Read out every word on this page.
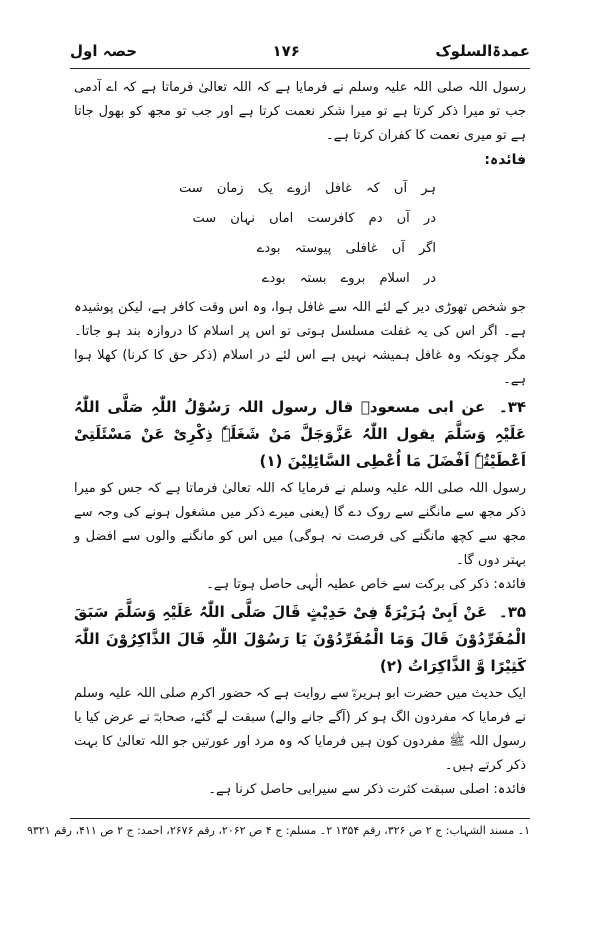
عمدۃالسلوک
۱۷۶
حصہ اول

رسول اللہ صلی اللہ علیہ وسلم نے فرمایا ہے کہ اللہ تعالیٰ فرماتا ہے کہ اے آدمی جب تو میرا ذکر کرتا ہے تو میرا شکر نعمت کرتا ہے اور جب تو مجھ کو بھول جاتا ہے تو میری نعمت کا کفران کرتا ہے۔

فائدہ:

ہر آں کہ غافل ازوے یک زمان ست
در آں دم کافرست اماں نہان ست
اگر آں غافلی پیوستہ بودے
در اسلام بروے بستہ بودے

جو شخص تھوڑی دیر کے لئے اللہ سے غافل ہوا، وہ اس وقت کافر ہے، لیکن پوشیدہ ہے۔ اگر اس کی یہ غفلت مسلسل ہوتی تو اس پر اسلام کا دروازہ بند ہو جاتا۔ مگر چونکہ وہ غافل ہمیشہ نہیں ہے اس لئے در اسلام (ذکر حق کا کرنا) کھلا ہوا ہے۔

۳۴۔ عن ابی مسعودؓ قال رسول اللہ رَسُوْلُ اللّٰہِ صَلَّی اللّٰہُ عَلَیْہِ وَسَلَّمَ یقول اللّٰہُ عَزَّوَجَلَّ مَنْ شَغَلَہٗ ذِکْرِیْ عَنْ مَسْئَلَتِیْ اَعْطَیْتُہٗ اَفْضَلَ مَا اُعْطِی السَّائِلِیْنَ (۱)

رسول اللہ صلی اللہ علیہ وسلم نے فرمایا کہ اللہ تعالیٰ فرماتا ہے کہ جس کو میرا ذکر مجھ سے مانگنے سے روک دے گا (یعنی میرے ذکر میں مشغول ہونے کی وجہ سے مجھ سے کچھ مانگنے کی فرصت نہ ہوگی) میں اس کو مانگنے والوں سے افضل و بہتر دوں گا۔

فائدہ: ذکر کی برکت سے خاص عطیہ الٰہی حاصل ہوتا ہے۔

۳۵۔ عَنْ اَبِیْ ہُرَیْرَۃَ فِیْ حَدِیْثٍ قَالَ صَلَّی اللّٰہُ عَلَیْہِ وَسَلَّمَ سَبَقَ الْمُفَرِّدُوْنَ قَالَ وَمَا الْمُفَرِّدُوْنَ یَا رَسُوْلَ اللّٰہِ قَالَ الذَّاکِرُوْنَ اللّٰہَ کَثِیْرًا وَّ الذَّاکِرَاتُ (۲)

ایک حدیث میں حضرت ابو ہریرہؓ سے روایت ہے کہ حضور اکرم صلی اللہ علیہ وسلم نے فرمایا کہ مفردون الگ ہو کر (آگے جانے والے) سبقت لے گئے، صحابہؓ نے عرض کیا یا رسول اللہ ﷺ مفردون کون ہیں فرمایا کہ وہ مرد اور عورتیں جو اللہ تعالیٰ کا بہت ذکر کرتے ہیں۔

فائدہ: اصلی سبقت کثرت ذکر سے سیرابی حاصل کرنا ہے۔

۱۔ مسند الشہاب: ج ۲ ص ۳۲۶، رقم ۱۳۵۴ ۲۔ مسلم: ج ۴ ص ۲۰۶۲، رقم ۲۶۷۶، احمد: ج ۲ ص ۴۱۱، رقم ۹۳۲۱
